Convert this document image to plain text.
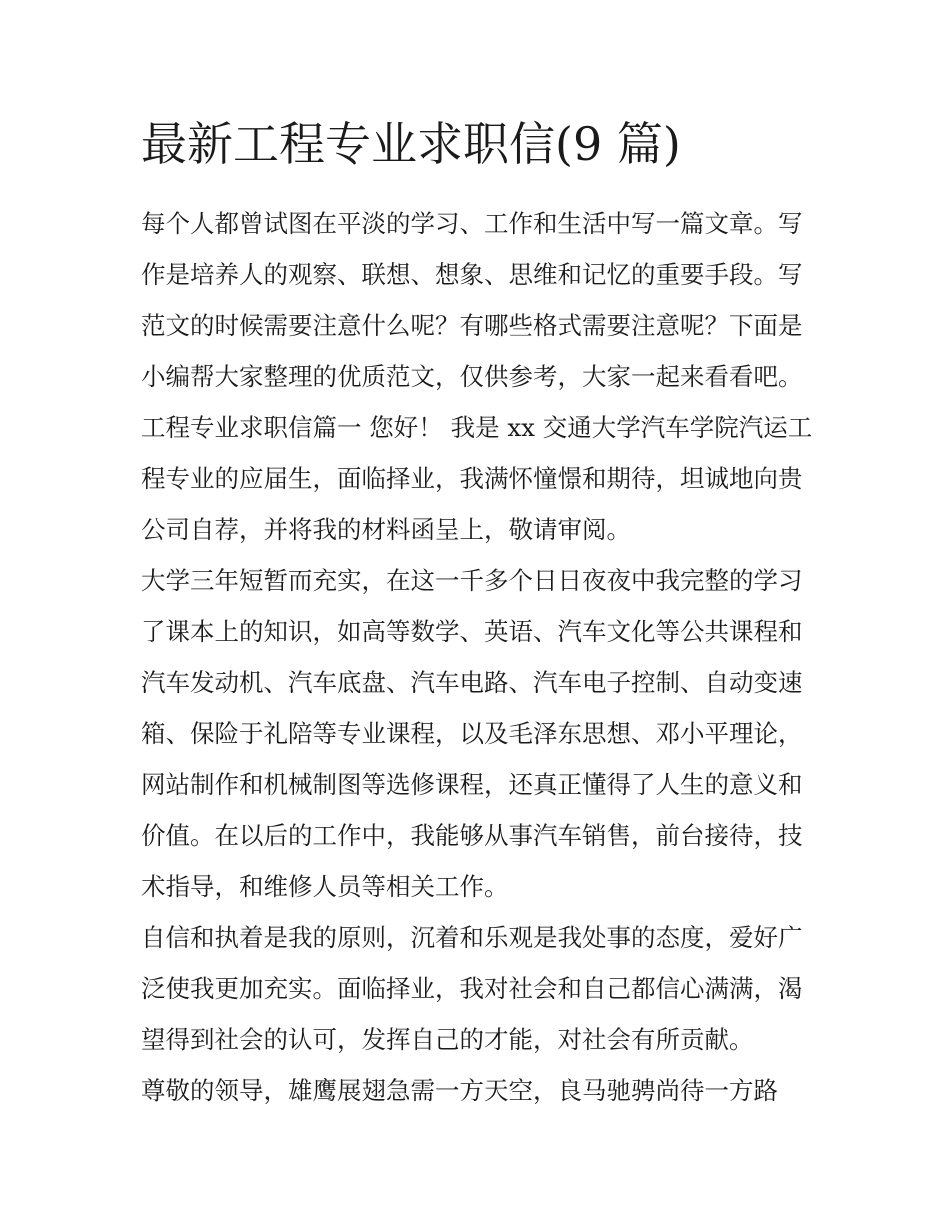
最新工程专业求职信(9 篇)
每个人都曾试图在平淡的学习、工作和生活中写一篇文章。写
作是培养人的观察、联想、想象、思维和记忆的重要手段。写
范文的时候需要注意什么呢？有哪些格式需要注意呢？下面是
小编帮大家整理的优质范文，仅供参考，大家一起来看看吧。
工程专业求职信篇一 您好！ 我是 xx 交通大学汽车学院汽运工
程专业的应届生，面临择业，我满怀憧憬和期待，坦诚地向贵
公司自荐，并将我的材料函呈上，敬请审阅。
大学三年短暂而充实，在这一千多个日日夜夜中我完整的学习
了课本上的知识，如高等数学、英语、汽车文化等公共课程和
汽车发动机、汽车底盘、汽车电路、汽车电子控制、自动变速
箱、保险于礼陪等专业课程，以及毛泽东思想、邓小平理论，
网站制作和机械制图等选修课程，还真正懂得了人生的意义和
价值。在以后的工作中，我能够从事汽车销售，前台接待，技
术指导，和维修人员等相关工作。
自信和执着是我的原则，沉着和乐观是我处事的态度，爱好广
泛使我更加充实。面临择业，我对社会和自己都信心满满，渴
望得到社会的认可，发挥自己的才能，对社会有所贡献。
尊敬的领导，雄鹰展翅急需一方天空，良马驰骋尚待一方路
